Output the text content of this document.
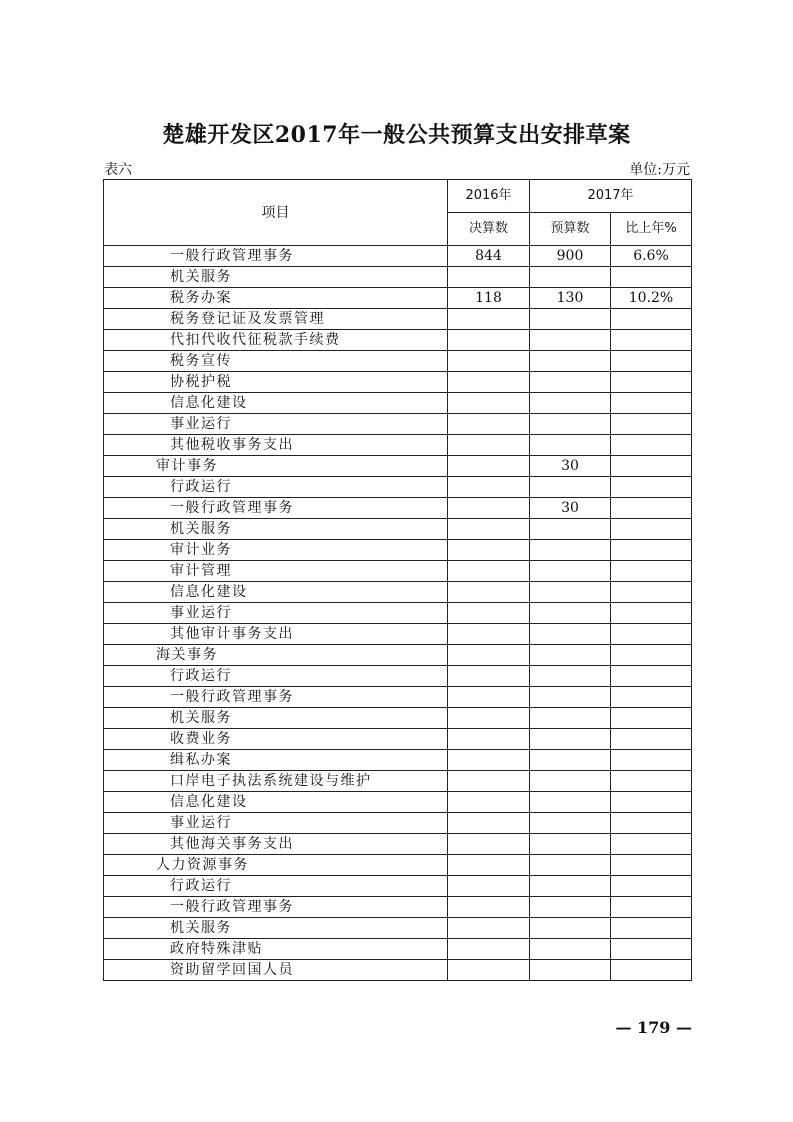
楚雄开发区2017年一般公共预算支出安排草案
表六	单位:万元
项目	2016年	2017年	
	决算数	预算数	比上年%
一般行政管理事务	844	900	6.6%
机关服务			
税务办案	118	130	10.2%
税务登记证及发票管理			
代扣代收代征税款手续费			
税务宣传			
协税护税			
信息化建设			
事业运行			
其他税收事务支出			
审计事务		30	
行政运行			
一般行政管理事务		30	
机关服务			
审计业务			
审计管理			
信息化建设			
事业运行			
其他审计事务支出			
海关事务			
行政运行			
一般行政管理事务			
机关服务			
收费业务			
缉私办案			
口岸电子执法系统建设与维护			
信息化建设			
事业运行			
其他海关事务支出			
人力资源事务			
行政运行			
一般行政管理事务			
机关服务			
政府特殊津贴			
资助留学回国人员			
— 179 —
